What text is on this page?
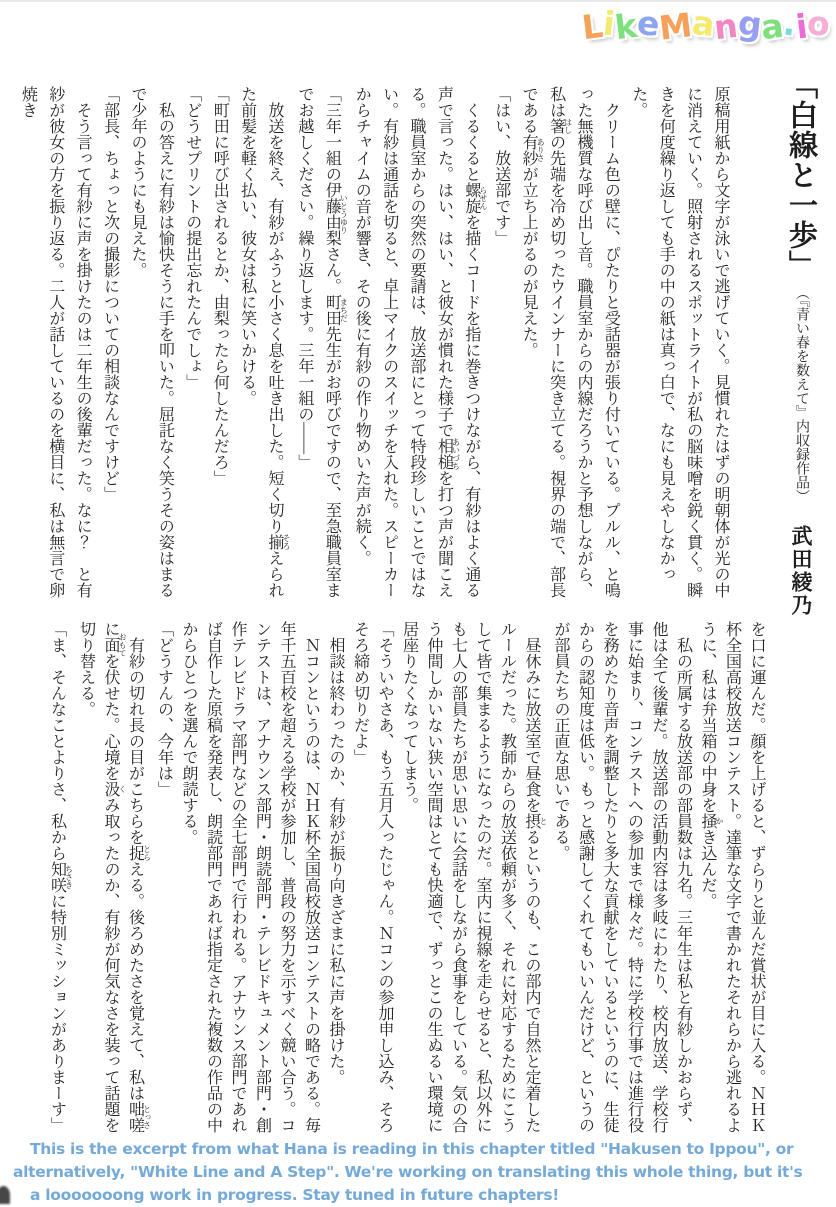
LikeManga.io
「白線と一歩」 （『青い春を数えて』内収録作品） 武田綾乃

原稿用紙から文字が泳いで逃げていく。見慣れたはずの明朝体が光の中に消えていく。照射されるスポットライトが私の脳味噌を鋭く貫く。瞬きを何度繰り返しても手の中の紙は真っ白で、なにも見えやしなかった。

クリーム色の壁に、ぴたりと受話器が張り付いている。プルル、と鳴った無機質な呼び出し音。職員室からの内線だろうかと予想しながら、私は箸 はしの先端を冷め切ったウインナーに突き立てる。視界の端で、部長である有紗 ありさが立ち上がるのが見えた。

「はい、放送部です」

くるくると螺旋 らせんを描くコードを指に巻きつけながら、有紗はよく通る声で言った。はい、はい、と彼女が慣れた様子で相槌 あいづちを打つ声が聞こえる。職員室からの突然の要請は、放送部にとって特段珍しいことではない。有紗は通話を切ると、卓上マイクのスイッチを入れた。スピーカーからチャイムの音が響き、その後に有紗の作り物めいた声が続く。

「三年一組の伊藤由梨 いとうゆりさん。町田 まちだ先生がお呼びですので、至急職員室までお越しください。繰り返します。三年一組の――」

放送を終え、有紗がふうと小さく息を吐き出した。短く切り揃 そろえられた前髪を軽く払い、彼女は私に笑いかける。

「町田に呼び出されるとか、由梨ったら何したんだろ」

「どうせプリントの提出忘れたんでしょ」

私の答えに有紗は愉快そうに手を叩いた。屈託なく笑うその姿はまるで少年のようにも見えた。

「部長、ちょっと次の撮影についての相談なんですけど」

そう言って有紗に声を掛けたのは二年生の後輩だった。なに？　と有紗が彼女の方を振り返る。二人が話しているのを横目に、私は無言で卵焼き

を口に運んだ。顔を上げると、ずらりと並んだ賞状が目に入る。ＮＨＫ杯全国高校放送コンテスト。達筆な文字で書かれたそれらから逃れるように、私は弁当箱の中身を掻 かき込んだ。

私の所属する放送部の部員数は九名。三年生は私と有紗しかおらず、他は全て後輩だ。放送部の活動内容は多岐にわたり、校内放送、学校行事に始まり、コンテストへの参加まで様々だ。特に学校行事では進行役を務めたり音声を調整したりと多大な貢献をしているというのに、生徒からの認知度は低い。もっと感謝してくれてもいいんだけど、というのが部員たちの正直な思いである。

昼休みに放送室で昼食を摂 とるというのも、この部内で自然と定着したルールだった。教師からの放送依頼が多く、それに対応するためにこうして皆で集まるようになったのだ。室内に視線を走らせると、私以外にも七人の部員たちが思い思いに会話をしながら食事をしている。気の合う仲間しかいない狭い空間はとても快適で、ずっとこの生ぬるい環境に居座りたくなってしまう。

「そういやさあ、もう五月入ったじゃん。Ｎコンの参加申し込み、そろそろ締め切りだよ」

相談は終わったのか、有紗が振り向きざまに私に声を掛けた。

Ｎコンというのは、ＮＨＫ杯全国高校放送コンテストの略である。毎年千五百校を超える学校が参加し、普段の努力を示すべく競い合う。コンテストは、アナウンス部門・朗読部門・テレビドキュメント部門・創作テレビドラマ部門などの全七部門で行われる。アナウンス部門であれば自作した原稿を発表し、朗読部門であれば指定された複数の作品の中からひとつを選んで朗読する。

「どうすんの、今年は」

有紗の切れ長の目がこちらを捉 とらえる。後ろめたさを覚えて、私は咄嗟 とっさに面 おもてを伏せた。心境を汲 くみ取ったのか、有紗が何気なさを装って話題を切り替える。

「ま、そんなことよりさ、私から知咲 ちさきに特別ミッションがありまーす」

This is the excerpt from what Hana is reading in this chapter titled "Hakusen to Ippou", or
alternatively, "White Line and A Step". We're working on translating this whole thing, but it's
a looooooong work in progress. Stay tuned in future chapters!
